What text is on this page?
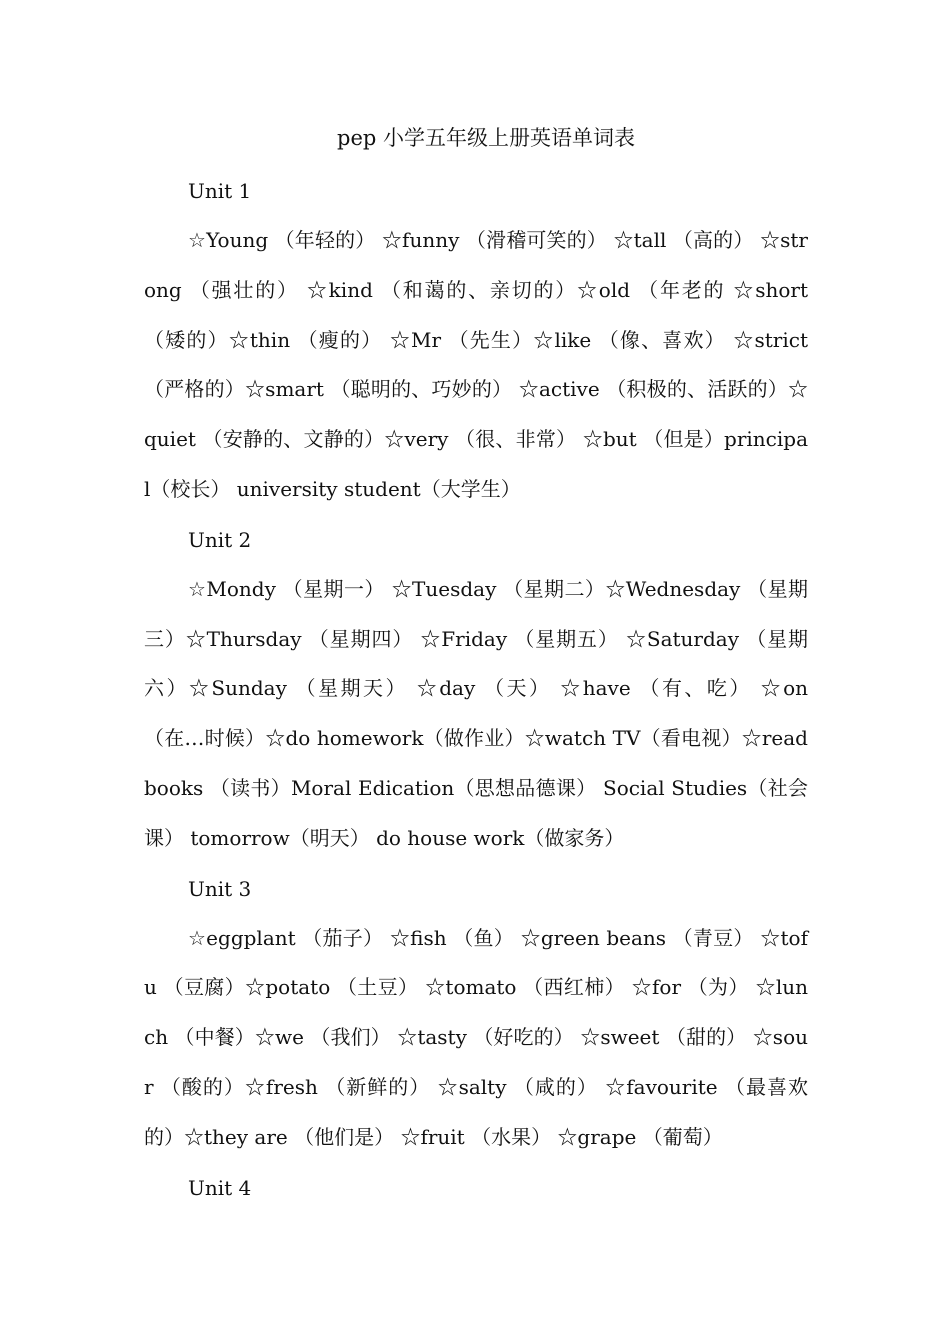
pep 小学五年级上册英语单词表
Unit 1

☆Young （年轻的） ☆funny （滑稽可笑的） ☆tall （高的） ☆strong （强壮的） ☆kind （和蔼的、亲切的）☆old （年老的 ☆short （矮的）☆thin （瘦的） ☆Mr （先生）☆like （像、喜欢） ☆strict （严格的）☆smart （聪明的、巧妙的） ☆active （积极的、活跃的）☆quiet （安静的、文静的）☆very （很、非常） ☆but （但是）principal（校长） university student（大学生）

Unit 2

☆Mondy （星期一） ☆Tuesday （星期二）☆Wednesday （星期三）☆Thursday （星期四） ☆Friday （星期五） ☆Saturday （星期六）☆Sunday （星期天） ☆day （天） ☆have （有、吃） ☆on （在…时候）☆do homework（做作业）☆watch TV（看电视）☆read books （读书）Moral Edication（思想品德课） Social Studies（社会课） tomorrow（明天） do house work（做家务）

Unit 3

☆eggplant （茄子） ☆fish （鱼） ☆green beans （青豆） ☆tofu （豆腐）☆potato （土豆） ☆tomato （西红柿） ☆for （为） ☆lunch （中餐）☆we （我们） ☆tasty （好吃的） ☆sweet （甜的） ☆sour （酸的）☆fresh （新鲜的） ☆salty （咸的） ☆favourite （最喜欢的）☆they are （他们是） ☆fruit （水果） ☆grape （葡萄）

Unit 4
